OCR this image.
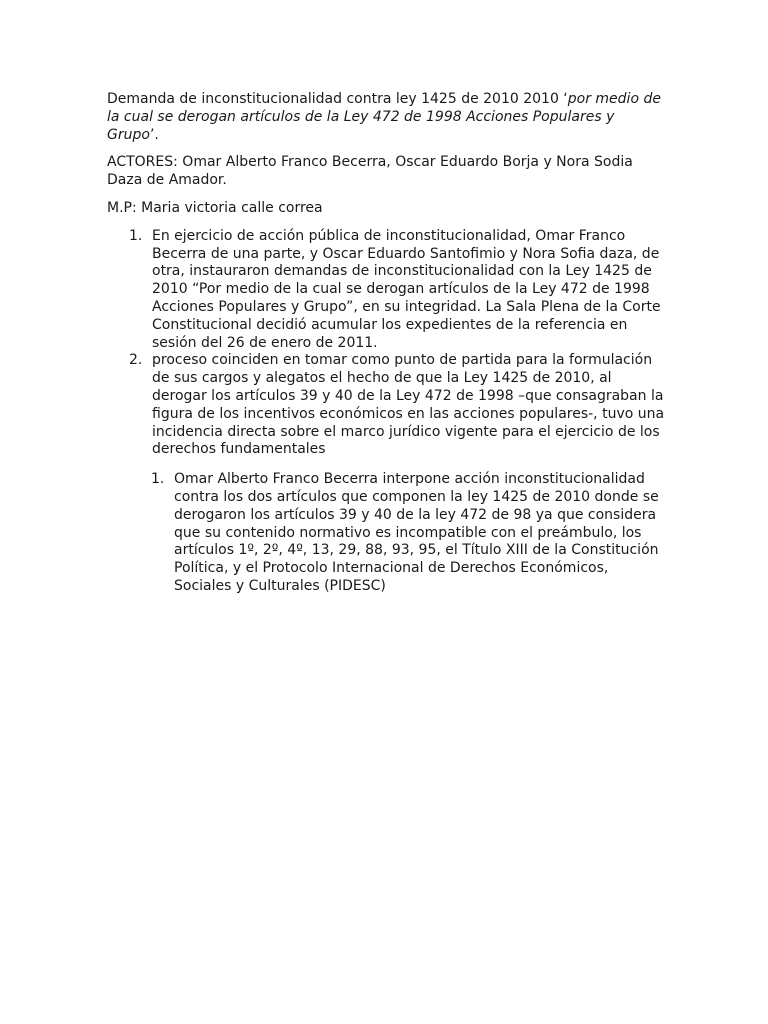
Demanda de inconstitucionalidad contra ley 1425 de 2010 2010 ‘por medio de la cual se derogan artículos de la Ley 472 de 1998 Acciones Populares y Grupo’.

ACTORES: Omar Alberto Franco Becerra, Oscar Eduardo Borja y Nora Sodia Daza de Amador.

M.P: Maria victoria calle correa

1. En ejercicio de acción pública de inconstitucionalidad, Omar Franco Becerra de una parte, y Oscar Eduardo Santofimio y Nora Sofia daza, de otra, instauraron demandas de inconstitucionalidad con la Ley 1425 de 2010 “Por medio de la cual se derogan artículos de la Ley 472 de 1998 Acciones Populares y Grupo”, en su integridad. La Sala Plena de la Corte Constitucional decidió acumular los expedientes de la referencia en sesión del 26 de enero de 2011.
2. proceso coinciden en tomar como punto de partida para la formulación de sus cargos y alegatos el hecho de que la Ley 1425 de 2010, al derogar los artículos 39 y 40 de la Ley 472 de 1998 –que consagraban la figura de los incentivos económicos en las acciones populares-, tuvo una incidencia directa sobre el marco jurídico vigente para el ejercicio de los derechos fundamentales
1. Omar Alberto Franco Becerra interpone acción inconstitucionalidad contra los dos artículos que componen la ley 1425 de 2010 donde se derogaron los artículos 39 y 40 de la ley 472 de 98 ya que considera que su contenido normativo es incompatible con el preámbulo, los artículos 1º, 2º, 4º, 13, 29, 88, 93, 95, el Título XIII de la Constitución Política, y el Protocolo Internacional de Derechos Económicos, Sociales y Culturales (PIDESC)
